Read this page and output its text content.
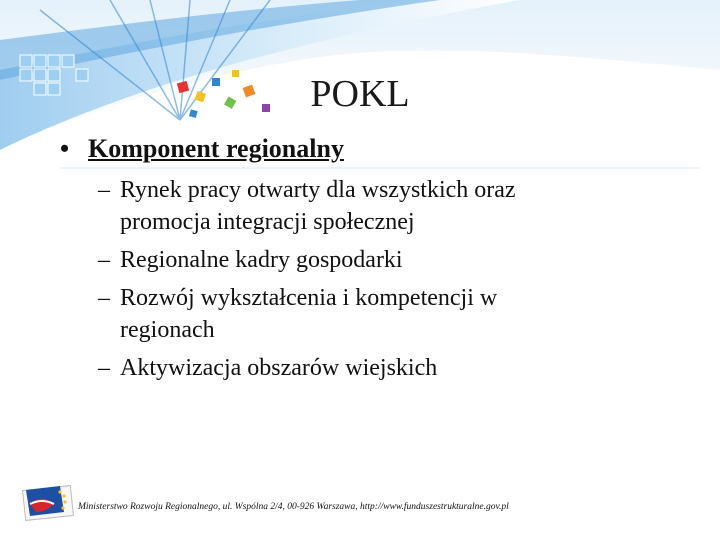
POKL
• Komponent regionalny
– Rynek pracy otwarty dla wszystkich oraz promocja integracji społecznej
– Regionalne kadry gospodarki
– Rozwój wykształcenia i kompetencji w regionach
– Aktywizacja obszarów wiejskich
Ministerstwo Rozwoju Regionalnego, ul. Wspólna 2/4, 00-926 Warszawa, http://www.funduszestrukturalne.gov.pl
